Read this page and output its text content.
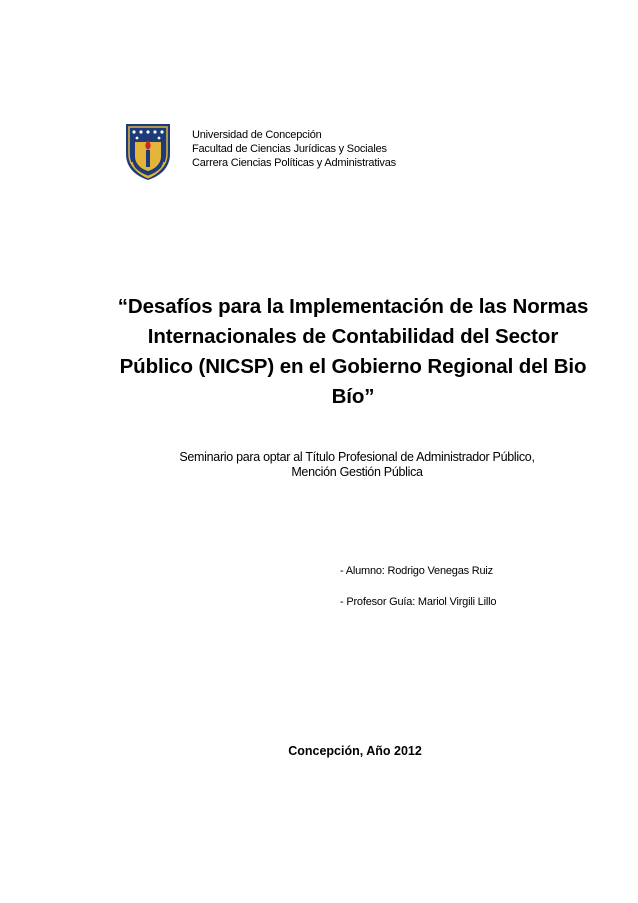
Universidad de Concepción
Facultad de Ciencias Jurídicas y Sociales
Carrera Ciencias Políticas y Administrativas
“Desafíos para la Implementación de las Normas
Internacionales de Contabilidad del Sector
Público (NICSP) en el Gobierno Regional del Bio
Bío”
Seminario para optar al Título Profesional de Administrador Público,
Mención Gestión Pública
- Alumno: Rodrigo Venegas Ruiz
- Profesor Guía: Mariol Virgili Lillo
Concepción, Año 2012
